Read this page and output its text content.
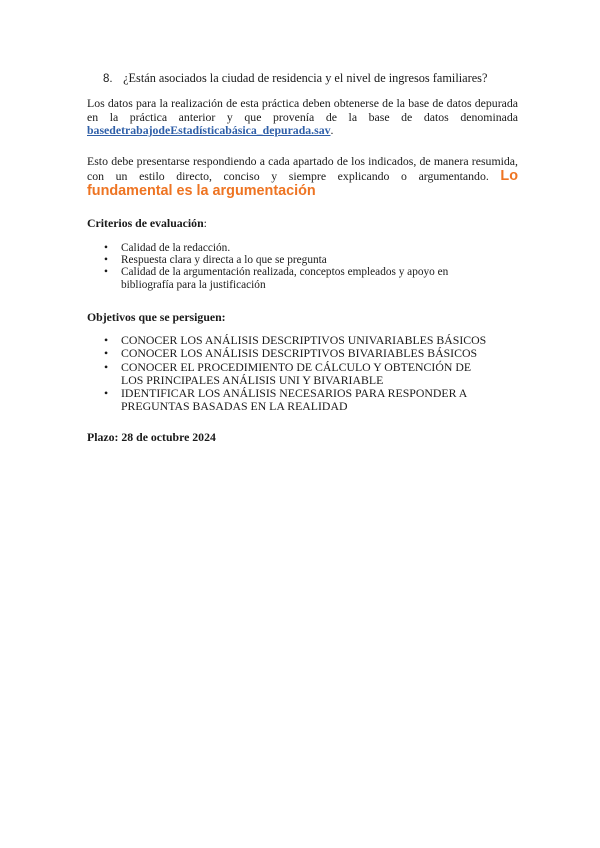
8. ¿Están asociados la ciudad de residencia y el nivel de ingresos familiares?
Los datos para la realización de esta práctica deben obtenerse de la base de datos depurada en la práctica anterior y que provenía de la base de datos denominada basedetrabajodeEstadísticabásica_depurada.sav.
Esto debe presentarse respondiendo a cada apartado de los indicados, de manera resumida, con un estilo directo, conciso y siempre explicando o argumentando. Lo fundamental es la argumentación
Criterios de evaluación:
• Calidad de la redacción.
• Respuesta clara y directa a lo que se pregunta
• Calidad de la argumentación realizada, conceptos empleados y apoyo en bibliografía para la justificación
Objetivos que se persiguen:
• CONOCER LOS ANÁLISIS DESCRIPTIVOS UNIVARIABLES BÁSICOS
• CONOCER LOS ANÁLISIS DESCRIPTIVOS BIVARIABLES BÁSICOS
• CONOCER EL PROCEDIMIENTO DE CÁLCULO Y OBTENCIÓN DE LOS PRINCIPALES ANÁLISIS UNI Y BIVARIABLE
• IDENTIFICAR LOS ANÁLISIS NECESARIOS PARA RESPONDER A PREGUNTAS BASADAS EN LA REALIDAD
Plazo: 28 de octubre 2024
